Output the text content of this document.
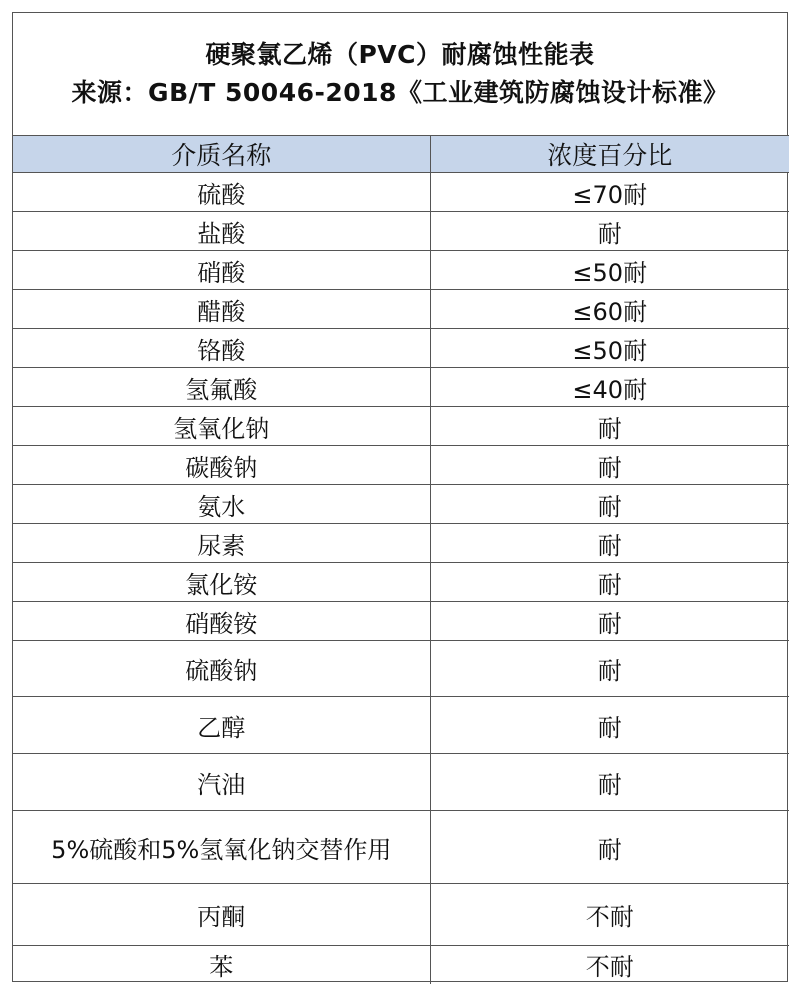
硬聚氯乙烯（PVC）耐腐蚀性能表
来源：GB/T 50046-2018《工业建筑防腐蚀设计标准》
介质名称	浓度百分比
硫酸	≤70耐
盐酸	耐
硝酸	≤50耐
醋酸	≤60耐
铬酸	≤50耐
氢氟酸	≤40耐
氢氧化钠	耐
碳酸钠	耐
氨水	耐
尿素	耐
氯化铵	耐
硝酸铵	耐
硫酸钠	耐
乙醇	耐
汽油	耐
5%硫酸和5%氢氧化钠交替作用	耐
丙酮	不耐
苯	不耐
